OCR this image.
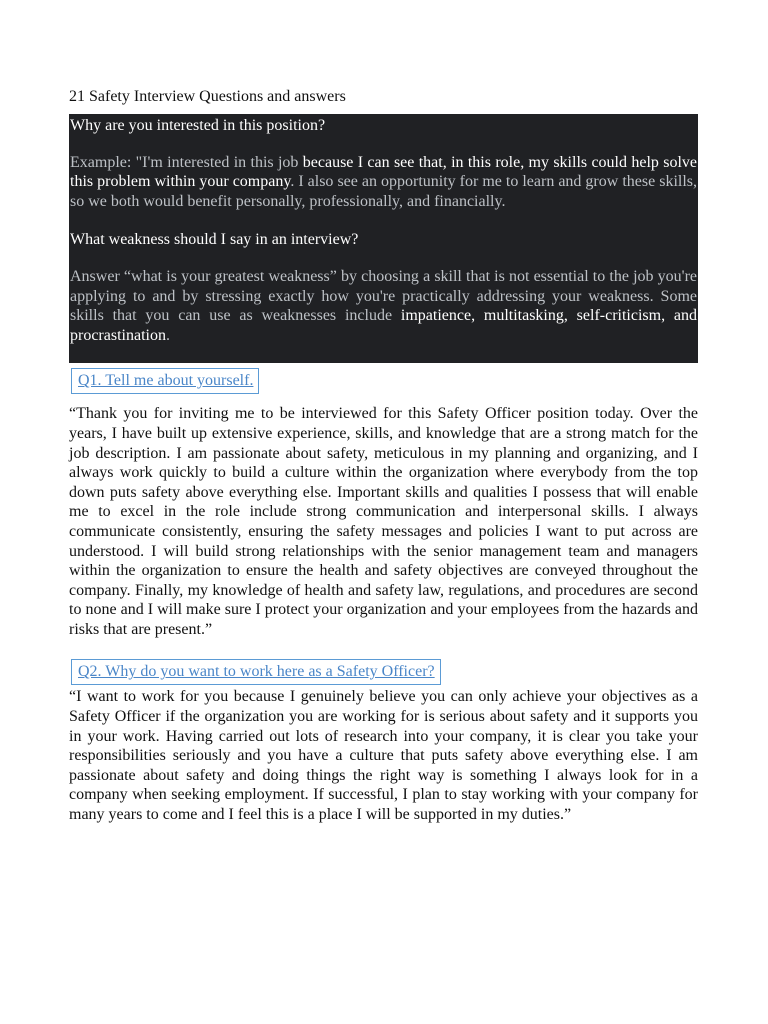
21 Safety Interview Questions and answers

Why are you interested in this position?

Example: "I'm interested in this job because I can see that, in this role, my skills could help solve this problem within your company. I also see an opportunity for me to learn and grow these skills, so we both would benefit personally, professionally, and financially.

What weakness should I say in an interview?

Answer “what is your greatest weakness” by choosing a skill that is not essential to the job you're applying to and by stressing exactly how you're practically addressing your weakness. Some skills that you can use as weaknesses include impatience, multitasking, self-criticism, and procrastination.

Q1. Tell me about yourself.

“Thank you for inviting me to be interviewed for this Safety Officer position today. Over the years, I have built up extensive experience, skills, and knowledge that are a strong match for the job description. I am passionate about safety, meticulous in my planning and organizing, and I always work quickly to build a culture within the organization where everybody from the top down puts safety above everything else. Important skills and qualities I possess that will enable me to excel in the role include strong communication and interpersonal skills. I always communicate consistently, ensuring the safety messages and policies I want to put across are understood. I will build strong relationships with the senior management team and managers within the organization to ensure the health and safety objectives are conveyed throughout the company. Finally, my knowledge of health and safety law, regulations, and procedures are second to none and I will make sure I protect your organization and your employees from the hazards and risks that are present.”

Q2. Why do you want to work here as a Safety Officer?

“I want to work for you because I genuinely believe you can only achieve your objectives as a Safety Officer if the organization you are working for is serious about safety and it supports you in your work. Having carried out lots of research into your company, it is clear you take your responsibilities seriously and you have a culture that puts safety above everything else. I am passionate about safety and doing things the right way is something I always look for in a company when seeking employment. If successful, I plan to stay working with your company for many years to come and I feel this is a place I will be supported in my duties.”
